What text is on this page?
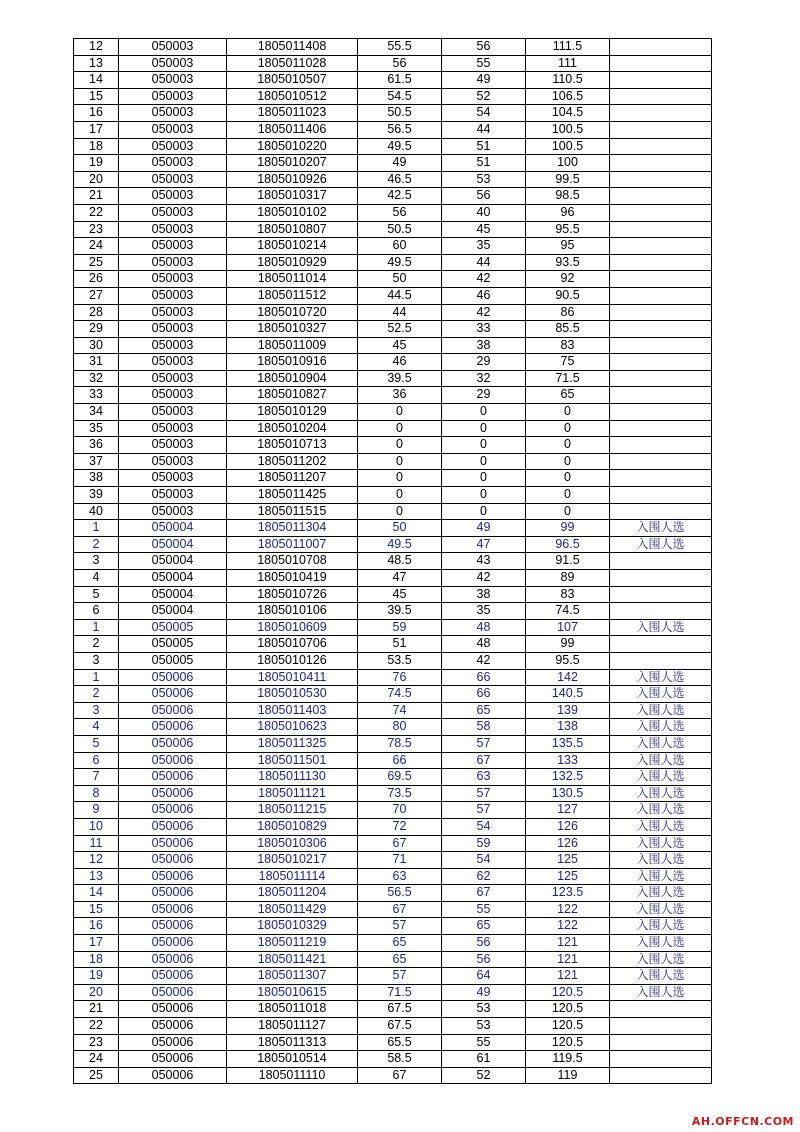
12	050003	1805011408	55.5	56	111.5	
13	050003	1805011028	56	55	111	
14	050003	1805010507	61.5	49	110.5	
15	050003	1805010512	54.5	52	106.5	
16	050003	1805011023	50.5	54	104.5	
17	050003	1805011406	56.5	44	100.5	
18	050003	1805010220	49.5	51	100.5	
19	050003	1805010207	49	51	100	
20	050003	1805010926	46.5	53	99.5	
21	050003	1805010317	42.5	56	98.5	
22	050003	1805010102	56	40	96	
23	050003	1805010807	50.5	45	95.5	
24	050003	1805010214	60	35	95	
25	050003	1805010929	49.5	44	93.5	
26	050003	1805011014	50	42	92	
27	050003	1805011512	44.5	46	90.5	
28	050003	1805010720	44	42	86	
29	050003	1805010327	52.5	33	85.5	
30	050003	1805011009	45	38	83	
31	050003	1805010916	46	29	75	
32	050003	1805010904	39.5	32	71.5	
33	050003	1805010827	36	29	65	
34	050003	1805010129	0	0	0	
35	050003	1805010204	0	0	0	
36	050003	1805010713	0	0	0	
37	050003	1805011202	0	0	0	
38	050003	1805011207	0	0	0	
39	050003	1805011425	0	0	0	
40	050003	1805011515	0	0	0	
1	050004	1805011304	50	49	99	入围人选
2	050004	1805011007	49.5	47	96.5	入围人选
3	050004	1805010708	48.5	43	91.5	
4	050004	1805010419	47	42	89	
5	050004	1805010726	45	38	83	
6	050004	1805010106	39.5	35	74.5	
1	050005	1805010609	59	48	107	入围人选
2	050005	1805010706	51	48	99	
3	050005	1805010126	53.5	42	95.5	
1	050006	1805010411	76	66	142	入围人选
2	050006	1805010530	74.5	66	140.5	入围人选
3	050006	1805011403	74	65	139	入围人选
4	050006	1805010623	80	58	138	入围人选
5	050006	1805011325	78.5	57	135.5	入围人选
6	050006	1805011501	66	67	133	入围人选
7	050006	1805011130	69.5	63	132.5	入围人选
8	050006	1805011121	73.5	57	130.5	入围人选
9	050006	1805011215	70	57	127	入围人选
10	050006	1805010829	72	54	126	入围人选
11	050006	1805010306	67	59	126	入围人选
12	050006	1805010217	71	54	125	入围人选
13	050006	1805011114	63	62	125	入围人选
14	050006	1805011204	56.5	67	123.5	入围人选
15	050006	1805011429	67	55	122	入围人选
16	050006	1805010329	57	65	122	入围人选
17	050006	1805011219	65	56	121	入围人选
18	050006	1805011421	65	56	121	入围人选
19	050006	1805011307	57	64	121	入围人选
20	050006	1805010615	71.5	49	120.5	入围人选
21	050006	1805011018	67.5	53	120.5	
22	050006	1805011127	67.5	53	120.5	
23	050006	1805011313	65.5	55	120.5	
24	050006	1805010514	58.5	61	119.5	
25	050006	1805011110	67	52	119	
AH.OFFCN.COM
